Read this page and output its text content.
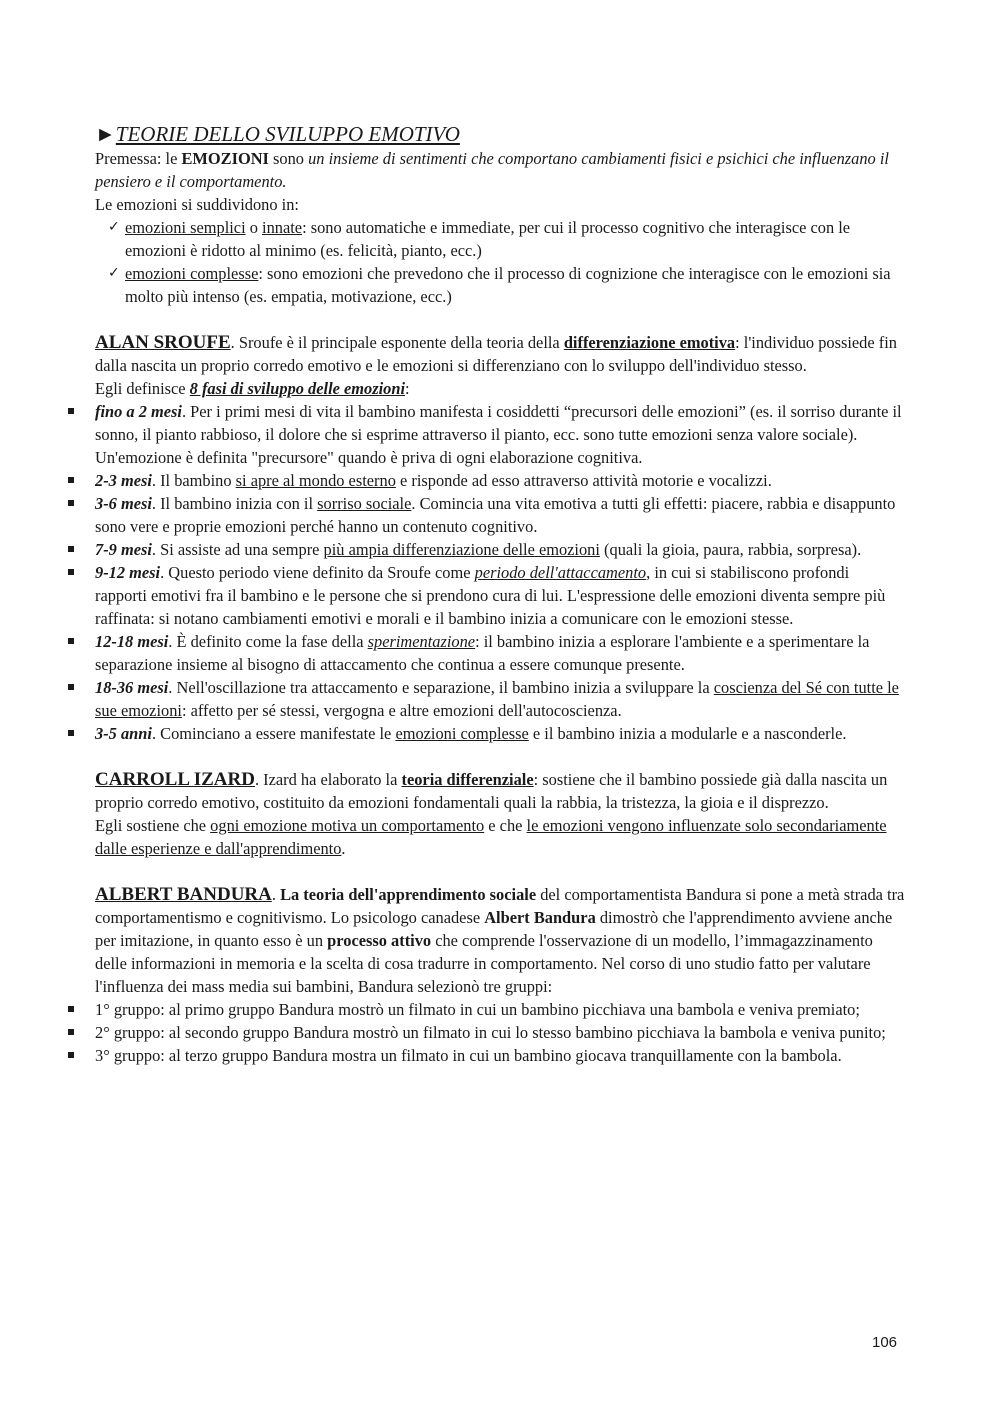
►TEORIE DELLO SVILUPPO EMOTIVO

Premessa: le EMOZIONI sono un insieme di sentimenti che comportano cambiamenti fisici e psichici che influenzano il pensiero e il comportamento.

Le emozioni si suddividono in:

✓ emozioni semplici o innate: sono automatiche e immediate, per cui il processo cognitivo che interagisce con le emozioni è ridotto al minimo (es. felicità, pianto, ecc.)
✓ emozioni complesse: sono emozioni che prevedono che il processo di cognizione che interagisce con le emozioni sia molto più intenso (es. empatia, motivazione, ecc.)

ALAN SROUFE. Sroufe è il principale esponente della teoria della differenziazione emotiva: l'individuo possiede fin dalla nascita un proprio corredo emotivo e le emozioni si differenziano con lo sviluppo dell'individuo stesso.

Egli definisce 8 fasi di sviluppo delle emozioni:

fino a 2 mesi. Per i primi mesi di vita il bambino manifesta i cosiddetti “precursori delle emozioni” (es. il sorriso durante il sonno, il pianto rabbioso, il dolore che si esprime attraverso il pianto, ecc. sono tutte emozioni senza valore sociale).
Un'emozione è definita "precursore" quando è priva di ogni elaborazione cognitiva.
2-3 mesi. Il bambino si apre al mondo esterno e risponde ad esso attraverso attività motorie e vocalizzi.
3-6 mesi. Il bambino inizia con il sorriso sociale. Comincia una vita emotiva a tutti gli effetti: piacere, rabbia e disappunto sono vere e proprie emozioni perché hanno un contenuto cognitivo.
7-9 mesi. Si assiste ad una sempre più ampia differenziazione delle emozioni (quali la gioia, paura, rabbia, sorpresa).
9-12 mesi. Questo periodo viene definito da Sroufe come periodo dell'attaccamento, in cui si stabiliscono profondi rapporti emotivi fra il bambino e le persone che si prendono cura di lui. L'espressione delle emozioni diventa sempre più raffinata: si notano cambiamenti emotivi e morali e il bambino inizia a comunicare con le emozioni stesse.
12-18 mesi. È definito come la fase della sperimentazione: il bambino inizia a esplorare l'ambiente e a sperimentare la separazione insieme al bisogno di attaccamento che continua a essere comunque presente.
18-36 mesi. Nell'oscillazione tra attaccamento e separazione, il bambino inizia a sviluppare la coscienza del Sé con tutte le sue emozioni: affetto per sé stessi, vergogna e altre emozioni dell'autocoscienza.
3-5 anni. Cominciano a essere manifestate le emozioni complesse e il bambino inizia a modularle e a nasconderle.

CARROLL IZARD. Izard ha elaborato la teoria differenziale: sostiene che il bambino possiede già dalla nascita un proprio corredo emotivo, costituito da emozioni fondamentali quali la rabbia, la tristezza, la gioia e il disprezzo.

Egli sostiene che ogni emozione motiva un comportamento e che le emozioni vengono influenzate solo secondariamente dalle esperienze e dall'apprendimento.

ALBERT BANDURA. La teoria dell'apprendimento sociale del comportamentista Bandura si pone a metà strada tra comportamentismo e cognitivismo. Lo psicologo canadese Albert Bandura dimostrò che l'apprendimento avviene anche per imitazione, in quanto esso è un processo attivo che comprende l'osservazione di un modello, l’immagazzinamento delle informazioni in memoria e la scelta di cosa tradurre in comportamento. Nel corso di uno studio fatto per valutare l'influenza dei mass media sui bambini, Bandura selezionò tre gruppi:

1° gruppo: al primo gruppo Bandura mostrò un filmato in cui un bambino picchiava una bambola e veniva premiato;
2° gruppo: al secondo gruppo Bandura mostrò un filmato in cui lo stesso bambino picchiava la bambola e veniva punito;
3° gruppo: al terzo gruppo Bandura mostra un filmato in cui un bambino giocava tranquillamente con la bambola.
106
